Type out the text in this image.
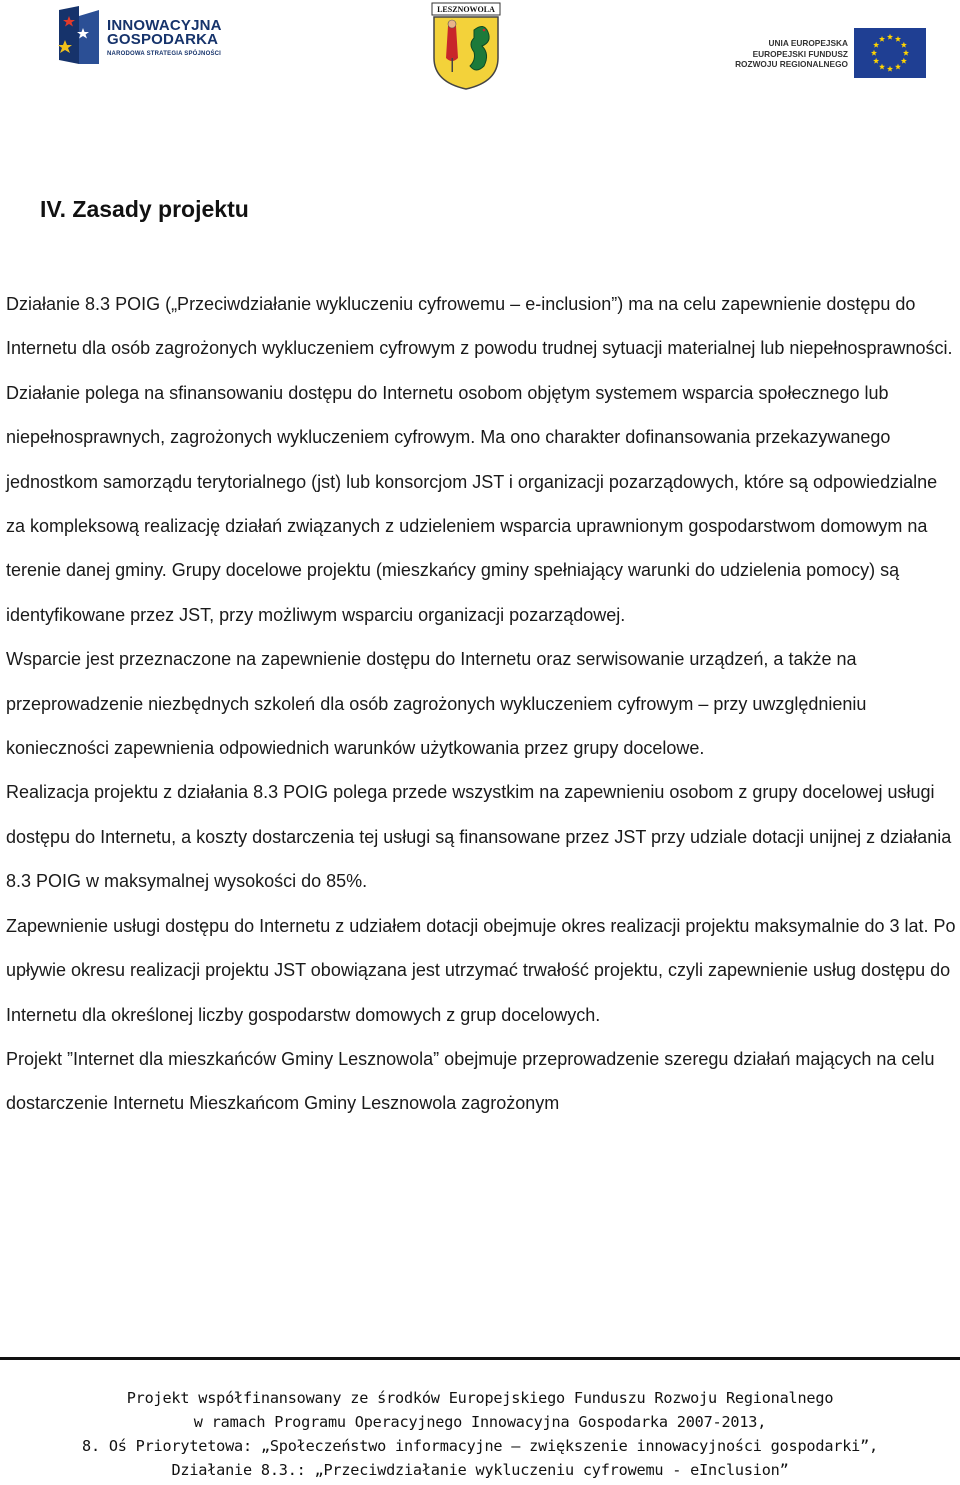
INNOWACYJNA
GOSPODARKA
NARODOWA STRATEGIA SPÓJNOŚCI
LESZNOWOLA
UNIA EUROPEJSKA
EUROPEJSKI FUNDUSZ
ROZWOJU REGIONALNEGO
IV. Zasady projektu

Działanie 8.3 POIG („Przeciwdziałanie wykluczeniu cyfrowemu – e-inclusion”) ma na celu zapewnienie dostępu do Internetu dla osób zagrożonych wykluczeniem cyfrowym z powodu trudnej sytuacji materialnej lub niepełnosprawności. Działanie polega na sfinansowaniu dostępu do Internetu osobom objętym systemem wsparcia społecznego lub niepełnosprawnych, zagrożonych wykluczeniem cyfrowym. Ma ono charakter dofinansowania przekazywanego jednostkom samorządu terytorialnego (jst) lub konsorcjom JST i organizacji pozarządowych, które są odpowiedzialne za kompleksową realizację działań związanych z udzieleniem wsparcia uprawnionym gospodarstwom domowym na terenie danej gminy. Grupy docelowe projektu (mieszkańcy gminy spełniający warunki do udzielenia pomocy) są identyfikowane przez JST, przy możliwym wsparciu organizacji pozarządowej.

Wsparcie jest przeznaczone na zapewnienie dostępu do Internetu oraz serwisowanie urządzeń, a także na przeprowadzenie niezbędnych szkoleń dla osób zagrożonych wykluczeniem cyfrowym – przy uwzględnieniu konieczności zapewnienia odpowiednich warunków użytkowania przez grupy docelowe.

Realizacja projektu z działania 8.3 POIG polega przede wszystkim na zapewnieniu osobom z grupy docelowej usługi dostępu do Internetu, a koszty dostarczenia tej usługi są finansowane przez JST przy udziale dotacji unijnej z działania 8.3 POIG w maksymalnej wysokości do 85%.

Zapewnienie usługi dostępu do Internetu z udziałem dotacji obejmuje okres realizacji projektu maksymalnie do 3 lat. Po upływie okresu realizacji projektu JST obowiązana jest utrzymać trwałość projektu, czyli zapewnienie usług dostępu do Internetu dla określonej liczby gospodarstw domowych z grup docelowych.

Projekt ”Internet dla mieszkańców Gminy Lesznowola” obejmuje przeprowadzenie szeregu działań mających na celu dostarczenie Internetu Mieszkańcom Gminy Lesznowola zagrożonym

Projekt współfinansowany ze środków Europejskiego Funduszu Rozwoju Regionalnego
w ramach Programu Operacyjnego Innowacyjna Gospodarka 2007-2013,
8. Oś Priorytetowa: „Społeczeństwo informacyjne – zwiększenie innowacyjności gospodarki”,
Działanie 8.3.: „Przeciwdziałanie wykluczeniu cyfrowemu - eInclusion”
